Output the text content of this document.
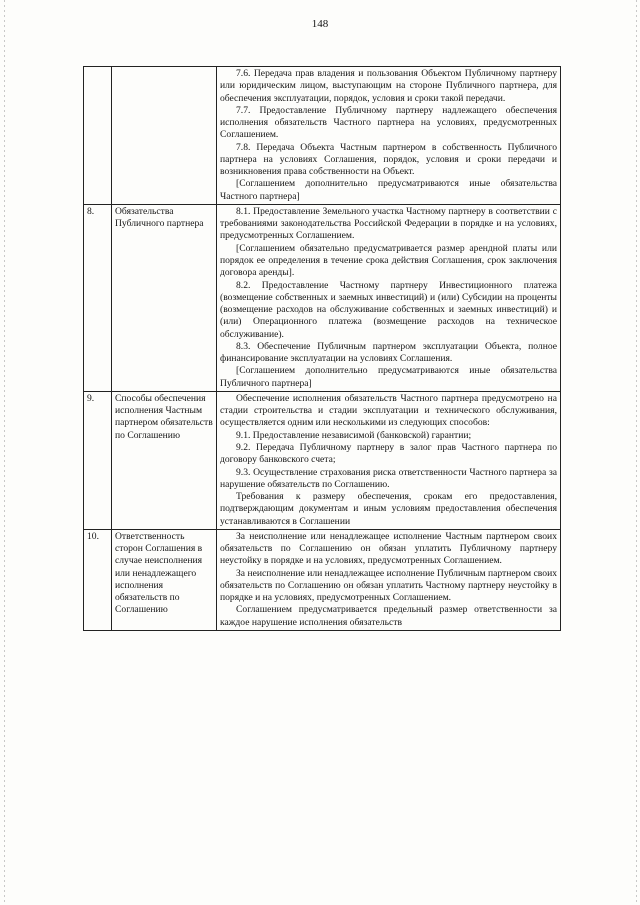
148

		7.6. Передача прав владения и пользования Объектом Публичному партнеру или юридическим лицом, выступающим на стороне Публичного партнера, для обеспечения эксплуатации, порядок, условия и сроки такой передачи.

7.7. Предоставление Публичному партнеру надлежащего обеспечения исполнения обязательств Частного партнера на условиях, предусмотренных Соглашением.

7.8. Передача Объекта Частным партнером в собственность Публичного партнера на условиях Соглашения, порядок, условия и сроки передачи и возникновения права собственности на Объект.

[Соглашением дополнительно предусматриваются иные обязательства Частного партнера]

8.	Обязательства Публичного партнера	8.1. Предоставление Земельного участка Частному партнеру в соответствии с требованиями законодательства Российской Федерации в порядке и на условиях, предусмотренных Соглашением.

[Соглашением обязательно предусматривается размер арендной платы или порядок ее определения в течение срока действия Соглашения, срок заключения договора аренды].

8.2. Предоставление Частному партнеру Инвестиционного платежа (возмещение собственных и заемных инвестиций) и (или) Субсидии на проценты (возмещение расходов на обслуживание собственных и заемных инвестиций) и (или) Операционного платежа (возмещение расходов на техническое обслуживание).

8.3. Обеспечение Публичным партнером эксплуатации Объекта, полное финансирование эксплуатации на условиях Соглашения.

[Соглашением дополнительно предусматриваются иные обязательства Публичного партнера]

9.	Способы обеспечения исполнения Частным партнером обязательств по Соглашению	Обеспечение исполнения обязательств Частного партнера предусмотрено на стадии строительства и стадии эксплуатации и технического обслуживания, осуществляется одним или несколькими из следующих способов:

9.1. Предоставление независимой (банковской) гарантии;

9.2. Передача Публичному партнеру в залог прав Частного партнера по договору банковского счета;

9.3. Осуществление страхования риска ответственности Частного партнера за нарушение обязательств по Соглашению.

Требования к размеру обеспечения, срокам его предоставления, подтверждающим документам и иным условиям предоставления обеспечения устанавливаются в Соглашении

10.	Ответственность сторон Соглашения в случае неисполнения или ненадлежащего исполнения обязательств по Соглашению	За неисполнение или ненадлежащее исполнение Частным партнером своих обязательств по Соглашению он обязан уплатить Публичному партнеру неустойку в порядке и на условиях, предусмотренных Соглашением.

За неисполнение или ненадлежащее исполнение Публичным партнером своих обязательств по Соглашению он обязан уплатить Частному партнеру неустойку в порядке и на условиях, предусмотренных Соглашением.

Соглашением предусматривается предельный размер ответственности за каждое нарушение исполнения обязательств
